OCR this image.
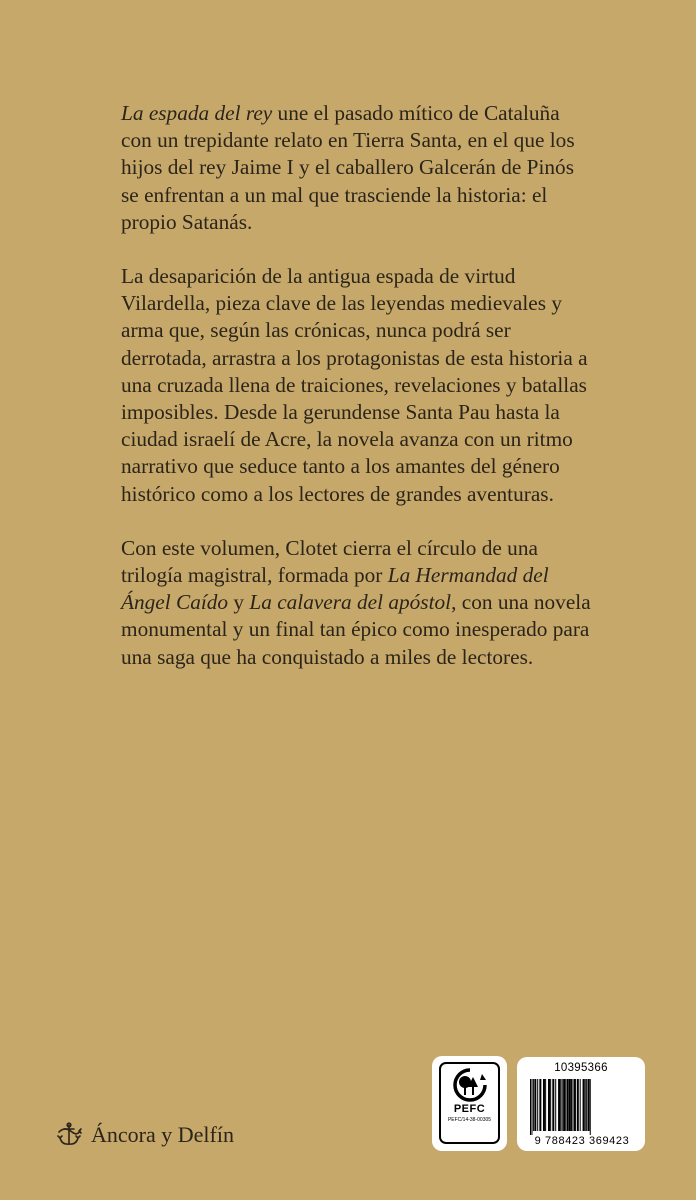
La espada del rey une el pasado mítico de Cataluña con un trepidante relato en Tierra Santa, en el que los hijos del rey Jaime I y el caballero Galcerán de Pinós se enfrentan a un mal que trasciende la historia: el propio Satanás.

La desaparición de la antigua espada de virtud Vilardella, pieza clave de las leyendas medievales y arma que, según las crónicas, nunca podrá ser derrotada, arrastra a los protagonistas de esta historia a una cruzada llena de traiciones, revelaciones y batallas imposibles. Desde la gerundense Santa Pau hasta la ciudad israelí de Acre, la novela avanza con un ritmo narrativo que seduce tanto a los amantes del género histórico como a los lectores de grandes aventuras.

Con este volumen, Clotet cierra el círculo de una trilogía magistral, formada por La Hermandad del Ángel Caído y La calavera del apóstol, con una novela monumental y un final tan épico como inesperado para una saga que ha conquistado a miles de lectores.

Áncora y Delfín
PEFC
PEFC/14-38-00305
10395366
9 788423 369423
